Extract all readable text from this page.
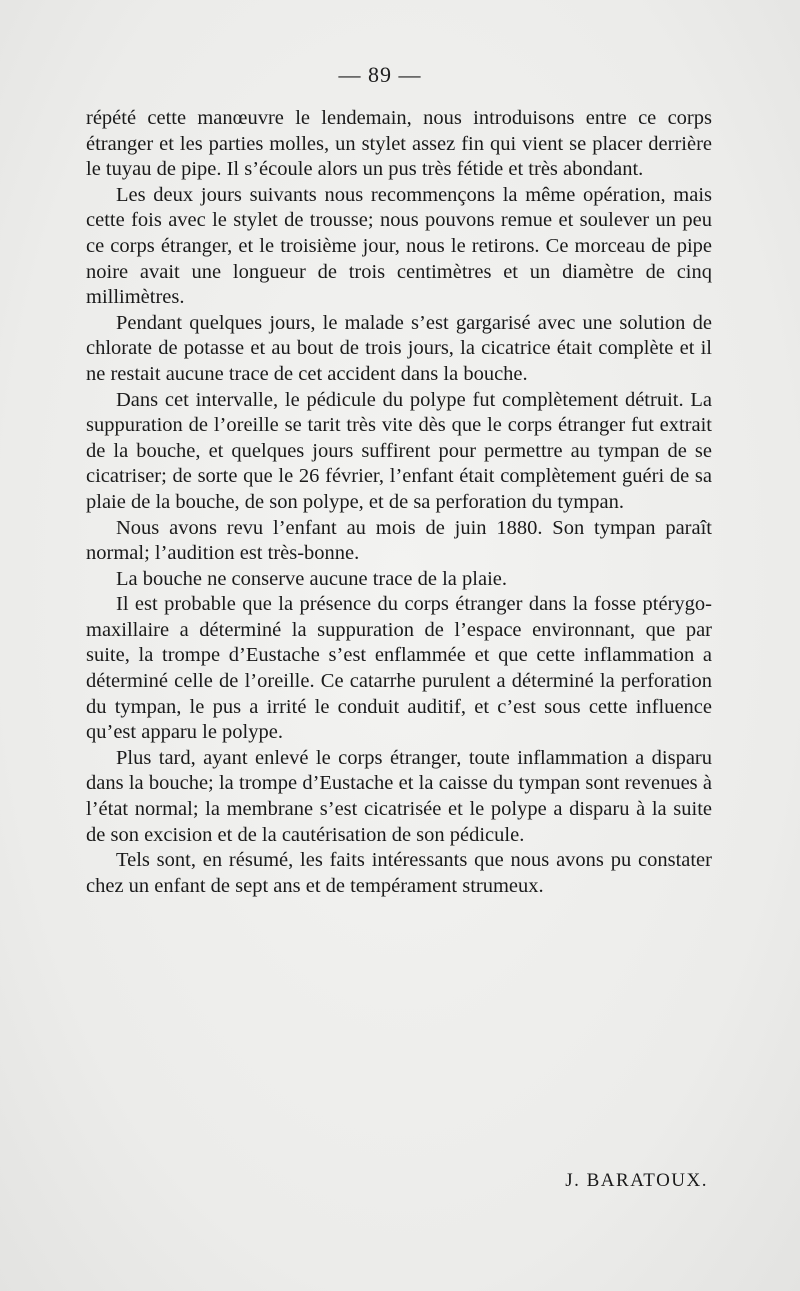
— 89 —

répété cette manœuvre le lendemain, nous introduisons entre ce corps étranger et les parties molles, un stylet assez fin qui vient se placer derrière le tuyau de pipe. Il s’écoule alors un pus très fétide et très abondant.

Les deux jours suivants nous recommençons la même opération, mais cette fois avec le stylet de trousse; nous pouvons remue et soulever un peu ce corps étranger, et le troisième jour, nous le retirons. Ce morceau de pipe noire avait une longueur de trois centimètres et un diamètre de cinq millimètres.

Pendant quelques jours, le malade s’est gargarisé avec une solution de chlorate de potasse et au bout de trois jours, la cicatrice était complète et il ne restait aucune trace de cet accident dans la bouche.

Dans cet intervalle, le pédicule du polype fut complètement détruit. La suppuration de l’oreille se tarit très vite dès que le corps étranger fut extrait de la bouche, et quelques jours suffirent pour permettre au tympan de se cicatriser; de sorte que le 26 février, l’enfant était complètement guéri de sa plaie de la bouche, de son polype, et de sa perforation du tympan.

Nous avons revu l’enfant au mois de juin 1880. Son tympan paraît normal; l’audition est très-bonne.

La bouche ne conserve aucune trace de la plaie.

Il est probable que la présence du corps étranger dans la fosse ptérygo-maxillaire a déterminé la suppuration de l’espace environnant, que par suite, la trompe d’Eustache s’est enflammée et que cette inflammation a déterminé celle de l’oreille. Ce catarrhe purulent a déterminé la perforation du tympan, le pus a irrité le conduit auditif, et c’est sous cette influence qu’est apparu le polype.

Plus tard, ayant enlevé le corps étranger, toute inflammation a disparu dans la bouche; la trompe d’Eustache et la caisse du tympan sont revenues à l’état normal; la membrane s’est cicatrisée et le polype a disparu à la suite de son excision et de la cautérisation de son pédicule.

Tels sont, en résumé, les faits intéressants que nous avons pu constater chez un enfant de sept ans et de tempérament strumeux.

J. BARATOUX.
